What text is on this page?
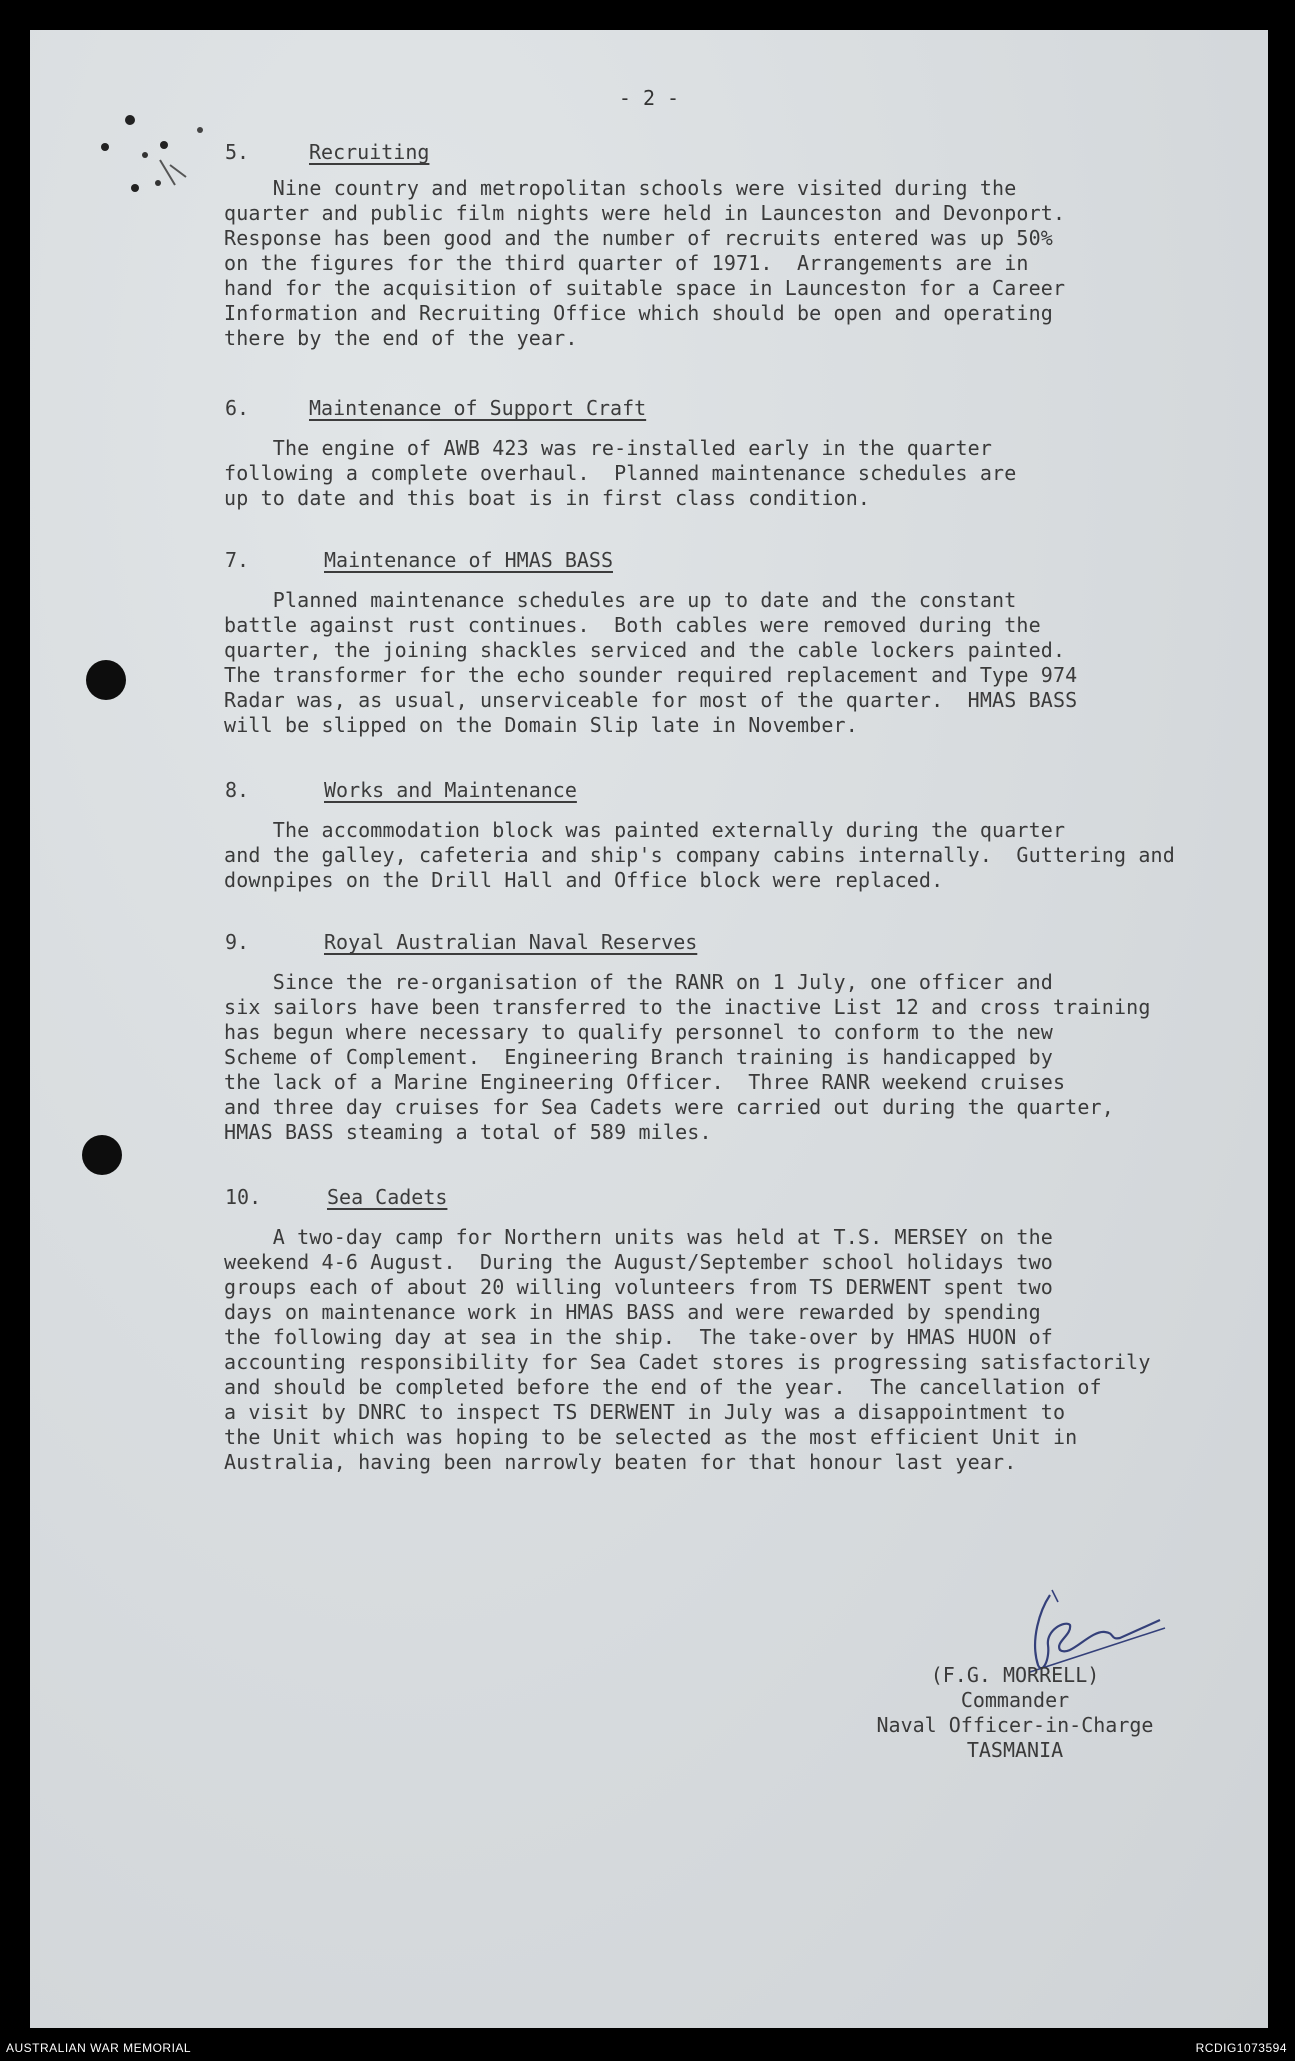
- 2 -
5.	Recruiting
Nine country and metropolitan schools were visited during the
quarter and public film nights were held in Launceston and Devonport.
Response has been good and the number of recruits entered was up 50%
on the figures for the third quarter of 1971.  Arrangements are in
hand for the acquisition of suitable space in Launceston for a Career
Information and Recruiting Office which should be open and operating
there by the end of the year.
6.	Maintenance of Support Craft
The engine of AWB 423 was re-installed early in the quarter
following a complete overhaul.  Planned maintenance schedules are
up to date and this boat is in first class condition.
7.	Maintenance of HMAS BASS
Planned maintenance schedules are up to date and the constant
battle against rust continues.  Both cables were removed during the
quarter, the joining shackles serviced and the cable lockers painted.
The transformer for the echo sounder required replacement and Type 974
Radar was, as usual, unserviceable for most of the quarter.  HMAS BASS
will be slipped on the Domain Slip late in November.
8.	Works and Maintenance
The accommodation block was painted externally during the quarter
and the galley, cafeteria and ship's company cabins internally.  Guttering and
downpipes on the Drill Hall and Office block were replaced.
9.	Royal Australian Naval Reserves
Since the re-organisation of the RANR on 1 July, one officer and
six sailors have been transferred to the inactive List 12 and cross training
has begun where necessary to qualify personnel to conform to the new
Scheme of Complement.  Engineering Branch training is handicapped by
the lack of a Marine Engineering Officer.  Three RANR weekend cruises
and three day cruises for Sea Cadets were carried out during the quarter,
HMAS BASS steaming a total of 589 miles.
10.	Sea Cadets
A two-day camp for Northern units was held at T.S. MERSEY on the
weekend 4-6 August.  During the August/September school holidays two
groups each of about 20 willing volunteers from TS DERWENT spent two
days on maintenance work in HMAS BASS and were rewarded by spending
the following day at sea in the ship.  The take-over by HMAS HUON of
accounting responsibility for Sea Cadet stores is progressing satisfactorily
and should be completed before the end of the year.  The cancellation of
a visit by DNRC to inspect TS DERWENT in July was a disappointment to
the Unit which was hoping to be selected as the most efficient Unit in
Australia, having been narrowly beaten for that honour last year.
(F.G. MORRELL)
Commander
Naval Officer-in-Charge
TASMANIA
AUSTRALIAN WAR MEMORIAL	RCDIG1073594
